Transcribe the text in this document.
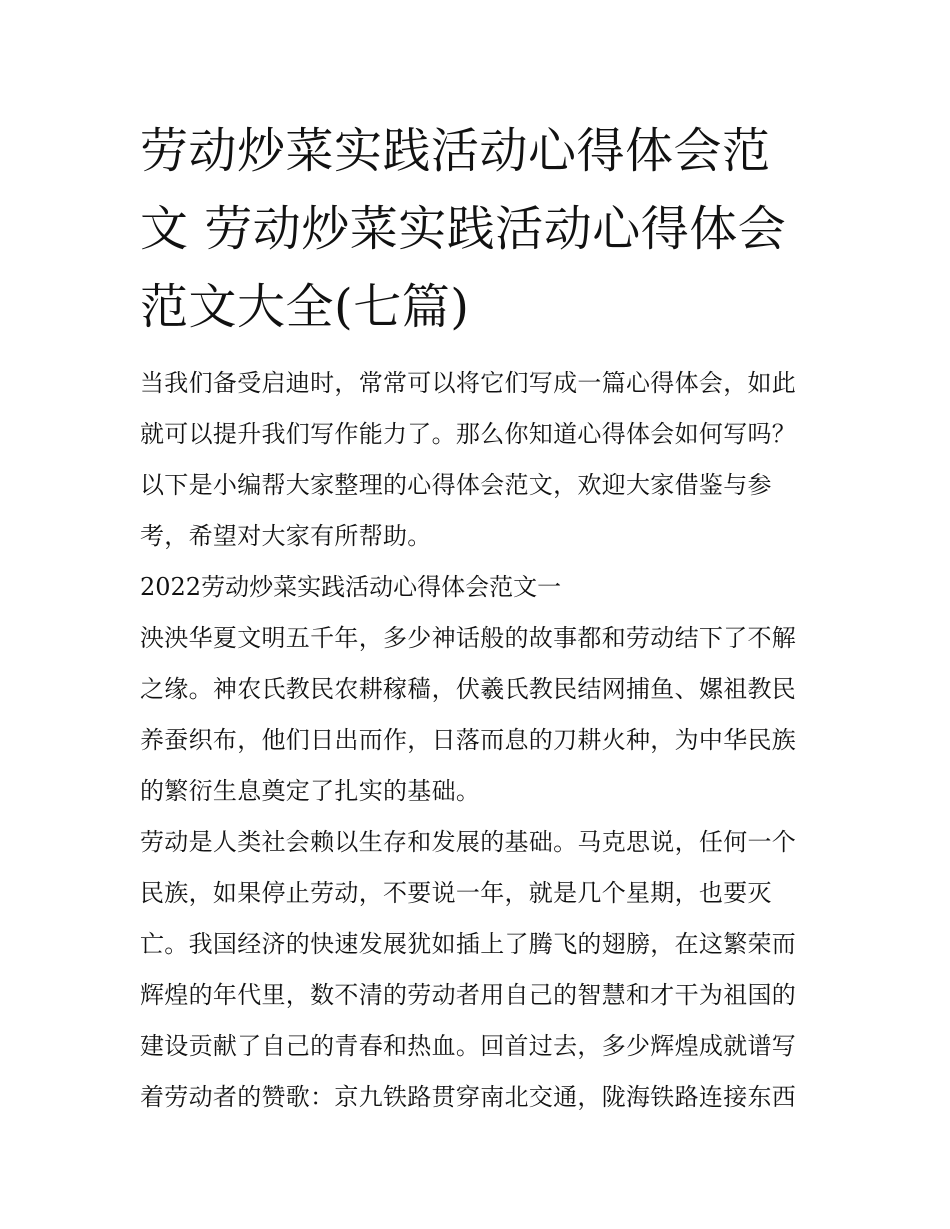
劳动炒菜实践活动心得体会范文 劳动炒菜实践活动心得体会范文大全(七篇)

当我们备受启迪时，常常可以将它们写成一篇心得体会，如此就可以提升我们写作能力了。那么你知道心得体会如何写吗？以下是小编帮大家整理的心得体会范文，欢迎大家借鉴与参考，希望对大家有所帮助。

2022劳动炒菜实践活动心得体会范文一

泱泱华夏文明五千年，多少神话般的故事都和劳动结下了不解之缘。神农氏教民农耕稼穑，伏羲氏教民结网捕鱼、嫘祖教民养蚕织布，他们日出而作，日落而息的刀耕火种，为中华民族的繁衍生息奠定了扎实的基础。

劳动是人类社会赖以生存和发展的基础。马克思说，任何一个民族，如果停止劳动，不要说一年，就是几个星期，也要灭亡。我国经济的快速发展犹如插上了腾飞的翅膀，在这繁荣而辉煌的年代里，数不清的劳动者用自己的智慧和才干为祖国的建设贡献了自己的青春和热血。回首过去，多少辉煌成就谱写着劳动者的赞歌：京九铁路贯穿南北交通，陇海铁路连接东西
